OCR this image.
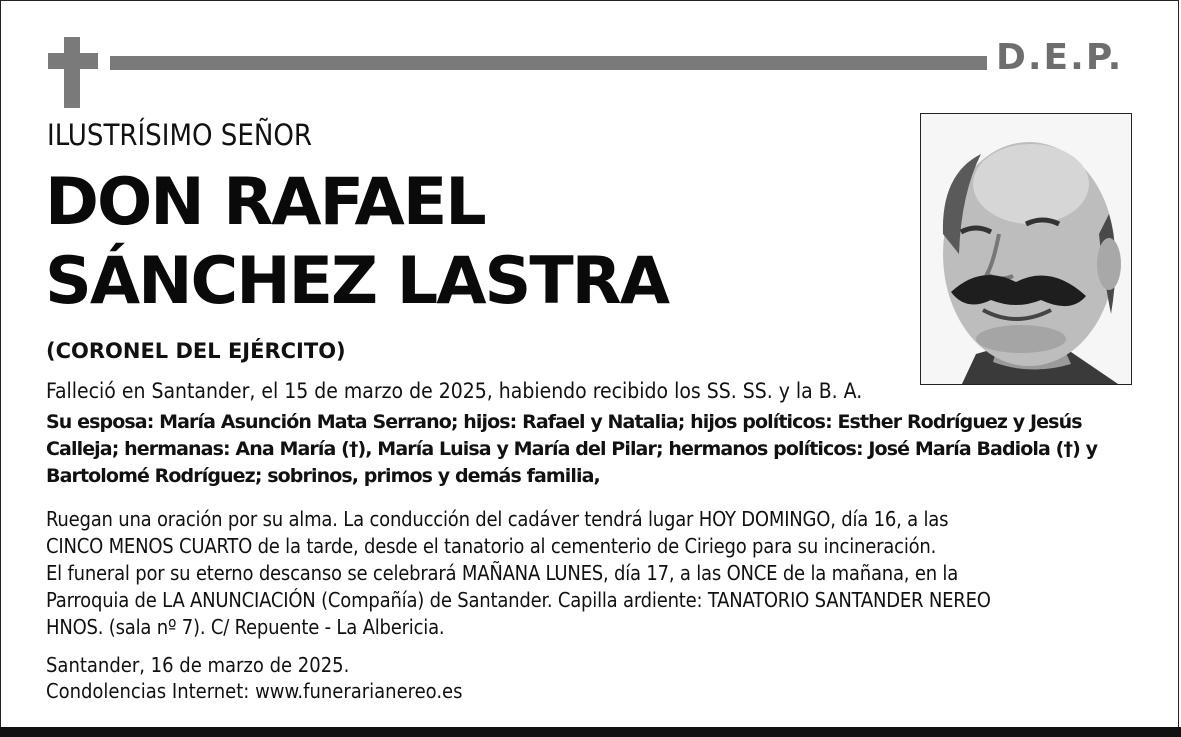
D.E.P.
ILUSTRÍSIMO SEÑOR
DON RAFAEL
SÁNCHEZ LASTRA
(CORONEL DEL EJÉRCITO)
Falleció en Santander, el 15 de marzo de 2025, habiendo recibido los SS. SS. y la B. A.
Su esposa: María Asunción Mata Serrano; hijos: Rafael y Natalia; hijos políticos: Esther Rodríguez y Jesús
Calleja; hermanas: Ana María (†), María Luisa y María del Pilar; hermanos políticos: José María Badiola (†) y
Bartolomé Rodríguez; sobrinos, primos y demás familia,
Ruegan una oración por su alma. La conducción del cadáver tendrá lugar HOY DOMINGO, día 16, a las
CINCO MENOS CUARTO de la tarde, desde el tanatorio al cementerio de Ciriego para su incineración.
El funeral por su eterno descanso se celebrará MAÑANA LUNES, día 17, a las ONCE de la mañana, en la
Parroquia de LA ANUNCIACIÓN (Compañía) de Santander. Capilla ardiente: TANATORIO SANTANDER NEREO
HNOS. (sala nº 7). C/ Repuente - La Albericia.
Santander, 16 de marzo de 2025.
Condolencias Internet: www.funerarianereo.es
